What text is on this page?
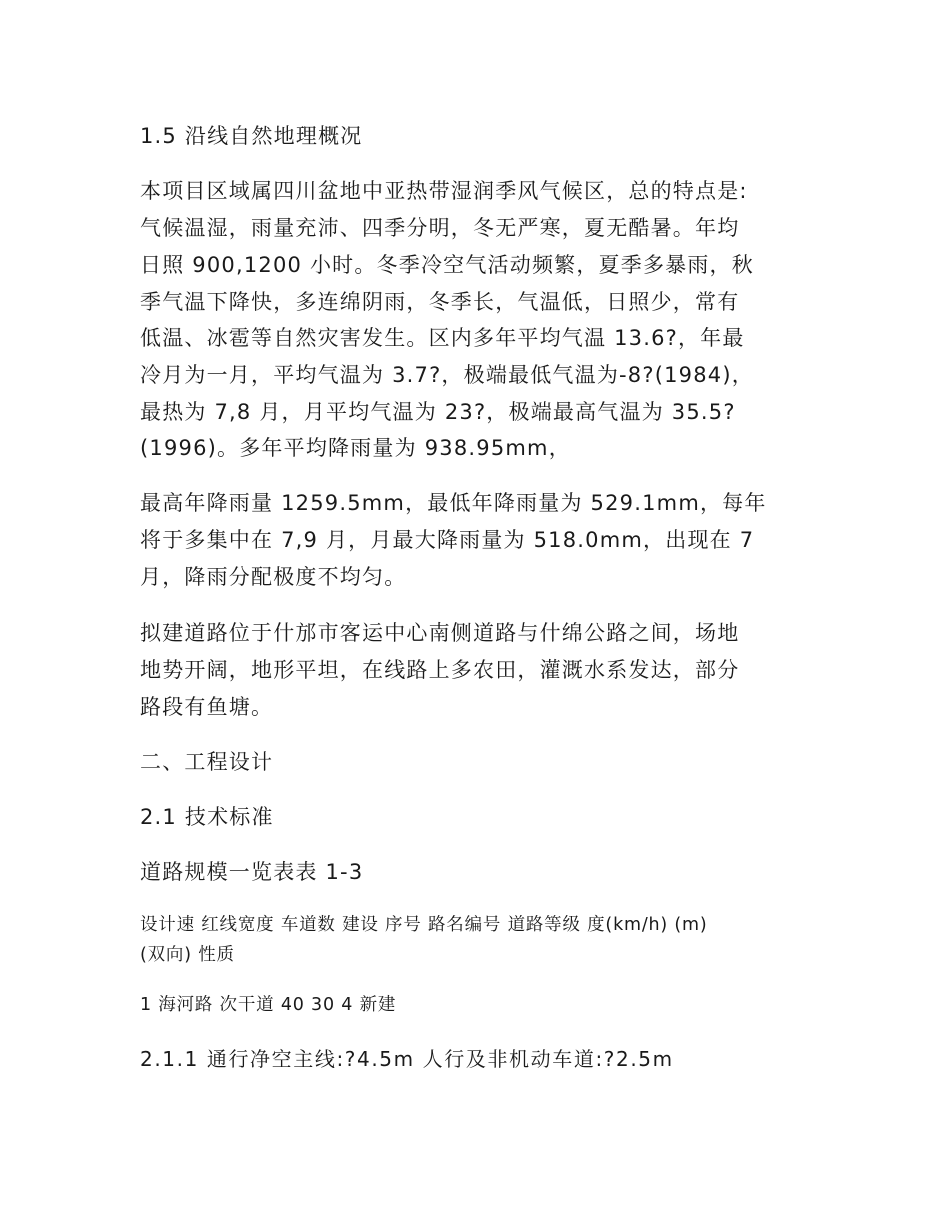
1.5 沿线自然地理概况
本项目区域属四川盆地中亚热带湿润季风气候区，总的特点是:
气候温湿，雨量充沛、四季分明，冬无严寒，夏无酷暑。年均
日照 900,1200 小时。冬季冷空气活动频繁，夏季多暴雨，秋
季气温下降快，多连绵阴雨，冬季长，气温低，日照少，常有
低温、冰雹等自然灾害发生。区内多年平均气温 13.6?，年最
冷月为一月，平均气温为 3.7?，极端最低气温为-8?(1984)，
最热为 7,8 月，月平均气温为 23?，极端最高气温为 35.5?
(1996)。多年平均降雨量为 938.95mm，
最高年降雨量 1259.5mm，最低年降雨量为 529.1mm，每年
将于多集中在 7,9 月，月最大降雨量为 518.0mm，出现在 7
月，降雨分配极度不均匀。
拟建道路位于什邡市客运中心南侧道路与什绵公路之间，场地
地势开阔，地形平坦，在线路上多农田，灌溉水系发达，部分
路段有鱼塘。
二、工程设计
2.1 技术标准
道路规模一览表表 1-3
设计速 红线宽度 车道数 建设 序号 路名编号 道路等级 度(km/h) (m)
(双向) 性质
1 海河路 次干道 40 30 4 新建
2.1.1 通行净空主线:?4.5m 人行及非机动车道:?2.5m
